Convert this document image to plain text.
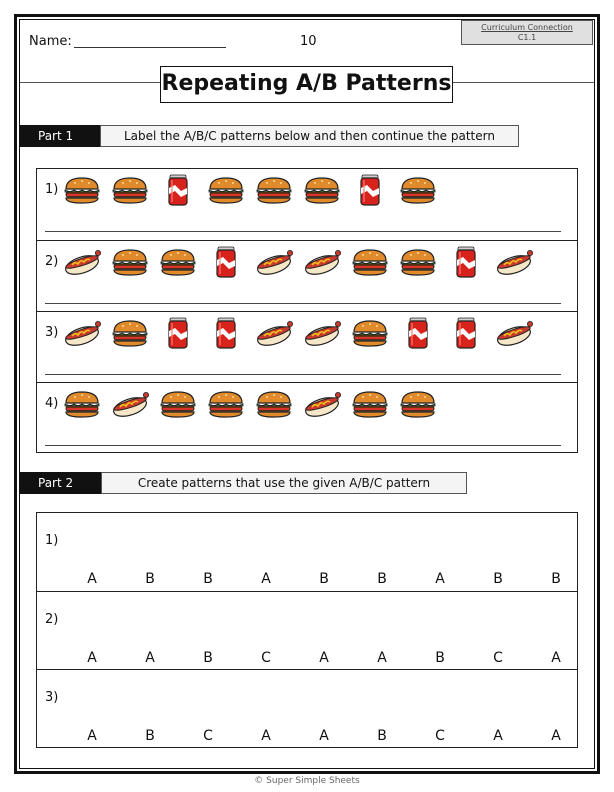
Name:	10
Curriculum Connection
C1.1
Repeating A/B Patterns
Part 1	Label the A/B/C patterns below and then continue the pattern
1)
2)
3)
4)
Part 2	Create patterns that use the given A/B/C pattern
1)
A	B	B	A	B	B	A	B	B
2)
A	A	B	C	A	A	B	C	A
3)
A	B	C	A	A	B	C	A	A
© Super Simple Sheets
